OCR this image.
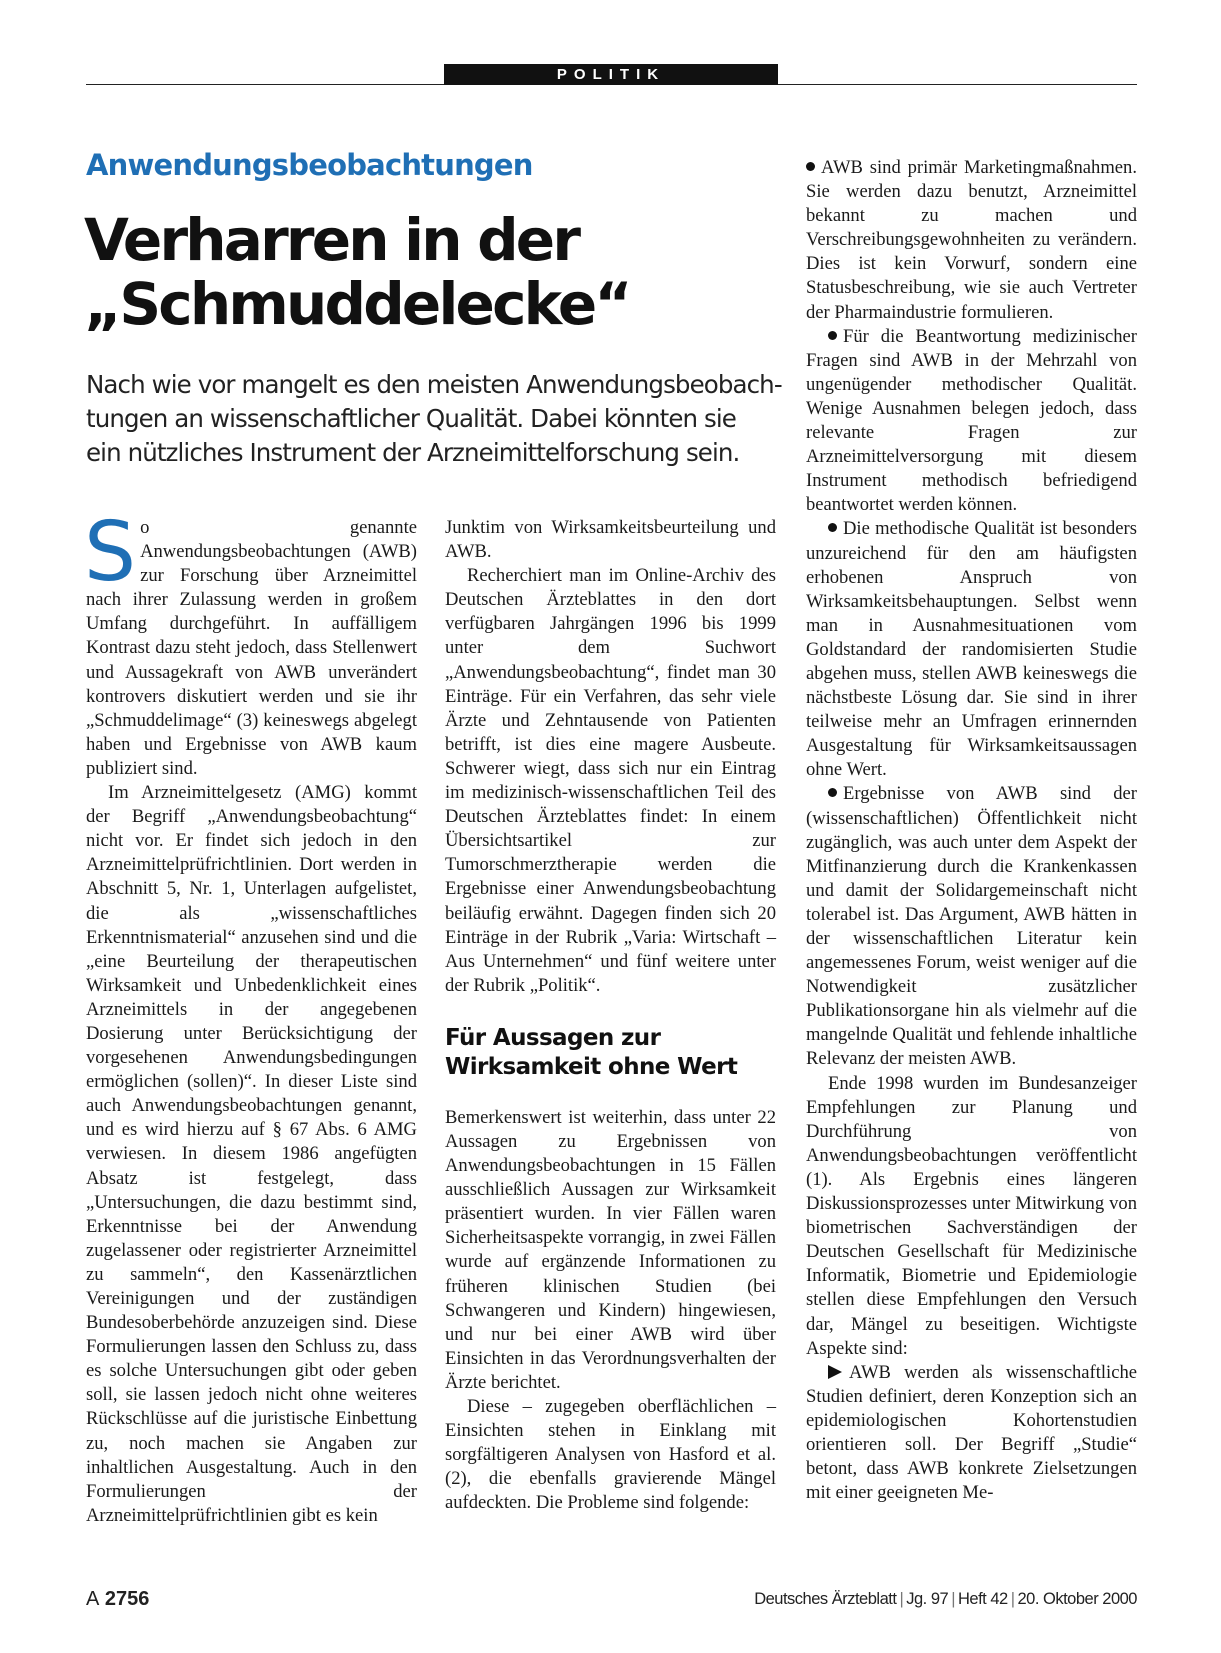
POLITIK
Anwendungsbeobachtungen
Verharren in der
„Schmuddelecke“
Nach wie vor mangelt es den meisten Anwendungsbeobach-
tungen an wissenschaftlicher Qualität. Dabei könnten sie
ein nützliches Instrument der Arzneimittelforschung sein.

So genannte Anwendungsbeobachtungen (AWB) zur Forschung über Arzneimittel nach ihrer Zulassung werden in großem Umfang durchgeführt. In auffälligem Kontrast dazu steht jedoch, dass Stellenwert und Aussagekraft von AWB unverändert kontrovers diskutiert werden und sie ihr „Schmuddelimage“ (3) keineswegs abgelegt haben und Ergebnisse von AWB kaum publiziert sind.

Im Arzneimittelgesetz (AMG) kommt der Begriff „Anwendungsbeobachtung“ nicht vor. Er findet sich jedoch in den Arzneimittelprüfrichtlinien. Dort werden in Abschnitt 5, Nr. 1, Unterlagen aufgelistet, die als „wissenschaftliches Erkenntnismaterial“ anzusehen sind und die „eine Beurteilung der therapeutischen Wirksamkeit und Unbedenklichkeit eines Arzneimittels in der angegebenen Dosierung unter Berücksichtigung der vorgesehenen Anwendungsbedingungen ermöglichen (sollen)“. In dieser Liste sind auch Anwendungsbeobachtungen genannt, und es wird hierzu auf § 67 Abs. 6 AMG verwiesen. In diesem 1986 angefügten Absatz ist festgelegt, dass „Untersuchungen, die dazu bestimmt sind, Erkenntnisse bei der Anwendung zugelassener oder registrierter Arzneimittel zu sammeln“, den Kassenärztlichen Vereinigungen und der zuständigen Bundesoberbehörde anzuzeigen sind. Diese Formulierungen lassen den Schluss zu, dass es solche Untersuchungen gibt oder geben soll, sie lassen jedoch nicht ohne weiteres Rückschlüsse auf die juristische Einbettung zu, noch machen sie Angaben zur inhaltlichen Ausgestaltung. Auch in den Formulierungen der Arzneimittelprüfrichtlinien gibt es kein

Junktim von Wirksamkeitsbeurteilung und AWB.

Recherchiert man im Online-Archiv des Deutschen Ärzteblattes in den dort verfügbaren Jahrgängen 1996 bis 1999 unter dem Suchwort „Anwendungsbeobachtung“, findet man 30 Einträge. Für ein Verfahren, das sehr viele Ärzte und Zehntausende von Patienten betrifft, ist dies eine magere Ausbeute. Schwerer wiegt, dass sich nur ein Eintrag im medizinisch-wissenschaftlichen Teil des Deutschen Ärzteblattes findet: In einem Übersichtsartikel zur Tumorschmerztherapie werden die Ergebnisse einer Anwendungsbeobachtung beiläufig erwähnt. Dagegen finden sich 20 Einträge in der Rubrik „Varia: Wirtschaft – Aus Unternehmen“ und fünf weitere unter der Rubrik „Politik“.

Für Aussagen zur
Wirksamkeit ohne Wert

Bemerkenswert ist weiterhin, dass unter 22 Aussagen zu Ergebnissen von Anwendungsbeobachtungen in 15 Fällen ausschließlich Aussagen zur Wirksamkeit präsentiert wurden. In vier Fällen waren Sicherheitsaspekte vorrangig, in zwei Fällen wurde auf ergänzende Informationen zu früheren klinischen Studien (bei Schwangeren und Kindern) hingewiesen, und nur bei einer AWB wird über Einsichten in das Verordnungsverhalten der Ärzte berichtet.

Diese – zugegeben oberflächlichen – Einsichten stehen in Einklang mit sorgfältigeren Analysen von Hasford et al. (2), die ebenfalls gravierende Mängel aufdeckten. Die Probleme sind folgende:

AWB sind primär Marketingmaßnahmen. Sie werden dazu benutzt, Arzneimittel bekannt zu machen und Verschreibungsgewohnheiten zu verändern. Dies ist kein Vorwurf, sondern eine Statusbeschreibung, wie sie auch Vertreter der Pharmaindustrie formulieren.

Für die Beantwortung medizinischer Fragen sind AWB in der Mehrzahl von ungenügender methodischer Qualität. Wenige Ausnahmen belegen jedoch, dass relevante Fragen zur Arzneimittelversorgung mit diesem Instrument methodisch befriedigend beantwortet werden können.

Die methodische Qualität ist besonders unzureichend für den am häufigsten erhobenen Anspruch von Wirksamkeitsbehauptungen. Selbst wenn man in Ausnahmesituationen vom Goldstandard der randomisierten Studie abgehen muss, stellen AWB keineswegs die nächstbeste Lösung dar. Sie sind in ihrer teilweise mehr an Umfragen erinnernden Ausgestaltung für Wirksamkeitsaussagen ohne Wert.

Ergebnisse von AWB sind der (wissenschaftlichen) Öffentlichkeit nicht zugänglich, was auch unter dem Aspekt der Mitfinanzierung durch die Krankenkassen und damit der Solidargemeinschaft nicht tolerabel ist. Das Argument, AWB hätten in der wissenschaftlichen Literatur kein angemessenes Forum, weist weniger auf die Notwendigkeit zusätzlicher Publikationsorgane hin als vielmehr auf die mangelnde Qualität und fehlende inhaltliche Relevanz der meisten AWB.

Ende 1998 wurden im Bundesanzeiger Empfehlungen zur Planung und Durchführung von Anwendungsbeobachtungen veröffentlicht (1). Als Ergebnis eines längeren Diskussionsprozesses unter Mitwirkung von biometrischen Sachverständigen der Deutschen Gesellschaft für Medizinische Informatik, Biometrie und Epidemiologie stellen diese Empfehlungen den Versuch dar, Mängel zu beseitigen. Wichtigste Aspekte sind:

AWB werden als wissenschaftliche Studien definiert, deren Konzeption sich an epidemiologischen Kohortenstudien orientieren soll. Der Begriff „Studie“ betont, dass AWB konkrete Zielsetzungen mit einer geeigneten Me-

A 2756	Deutsches Ärzteblatt | Jg. 97 | Heft 42 | 20. Oktober 2000
